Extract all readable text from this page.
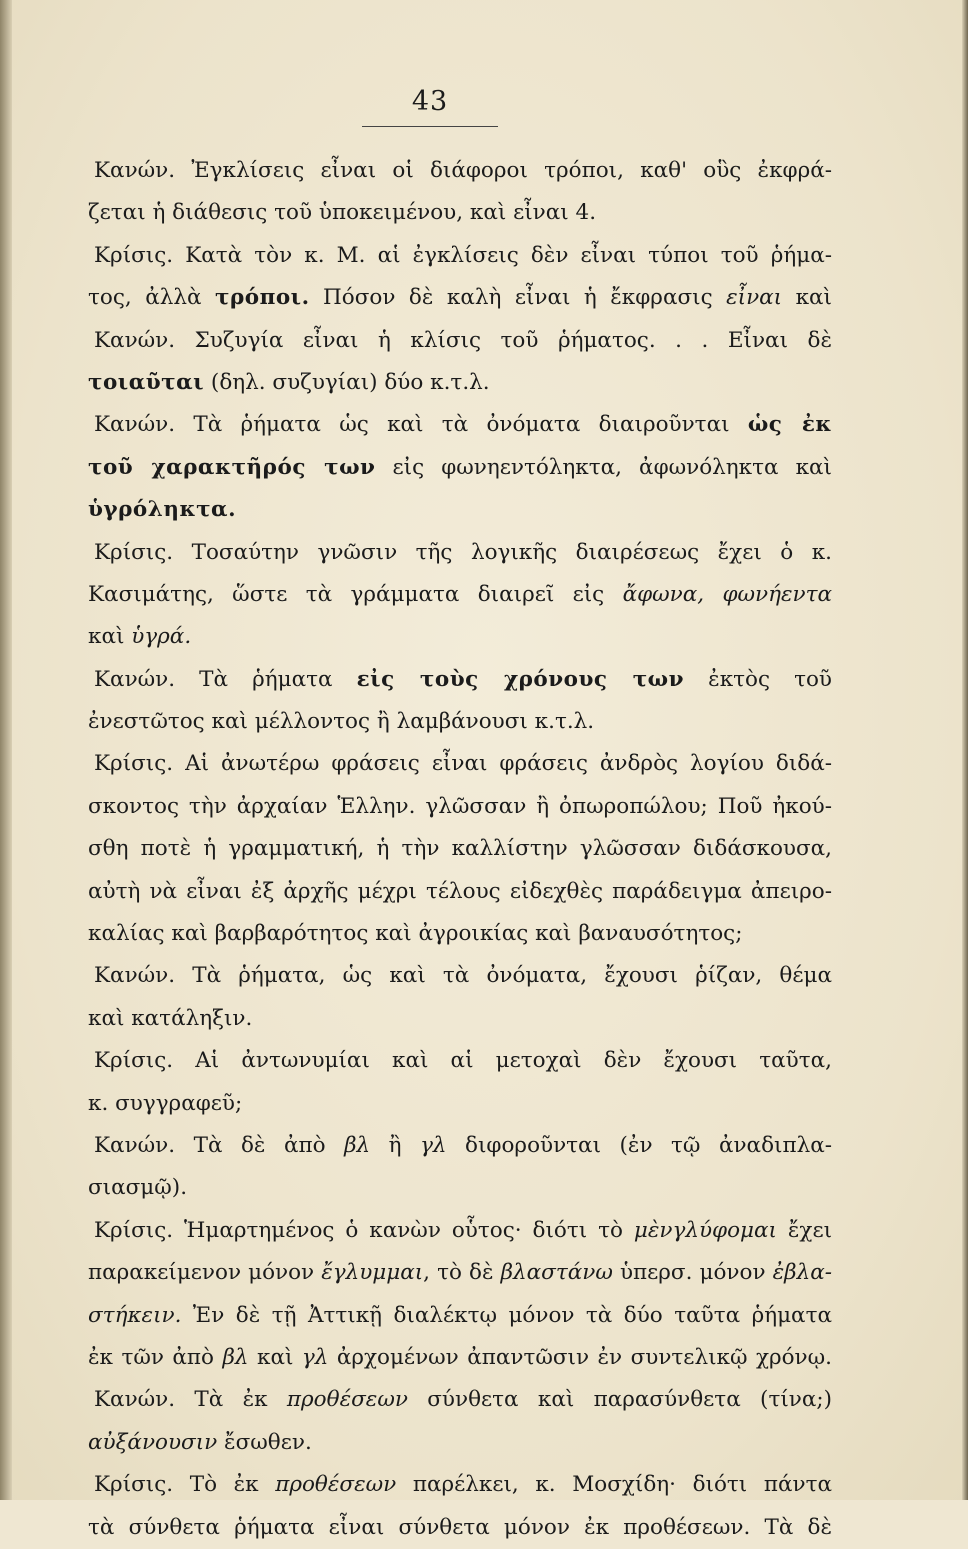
43
Κανών. Ἐγκλίσεις εἶναι οἱ διάφοροι τρόποι, καθ' οὓς ἐκφρά-
ζεται ἡ διάθεσις τοῦ ὑποκειμένου, καὶ εἶναι 4.
Κρίσις. Κατὰ τὸν κ. Μ. αἱ ἐγκλίσεις δὲν εἶναι τύποι τοῦ ῥήμα-
τος, ἀλλὰ τρόποι. Πόσον δὲ καλὴ εἶναι ἡ ἔκφρασις εἶναι καὶ
Κανών. Συζυγία εἶναι ἡ κλίσις τοῦ ῥήματος. . . Εἶναι δὲ
τοιαῦται (δηλ. συζυγίαι) δύο κ.τ.λ.
Κανών. Τὰ ῥήματα ὡς καὶ τὰ ὀνόματα διαιροῦνται ὡς ἐκ
τοῦ χαρακτῆρός των εἰς φωνηεντόληκτα, ἀφωνόληκτα καὶ
ὑγρόληκτα.
Κρίσις. Τοσαύτην γνῶσιν τῆς λογικῆς διαιρέσεως ἔχει ὁ κ.
Κασιμάτης, ὥστε τὰ γράμματα διαιρεῖ εἰς ἄφωνα, φωνήεντα
καὶ ὑγρά.
Κανών. Τὰ ῥήματα εἰς τοὺς χρόνους των ἐκτὸς τοῦ
ἐνεστῶτος καὶ μέλλοντος ἢ λαμβάνουσι κ.τ.λ.
Κρίσις. Αἱ ἀνωτέρω φράσεις εἶναι φράσεις ἀνδρὸς λογίου διδά-
σκοντος τὴν ἀρχαίαν Ἑλλην. γλῶσσαν ἢ ὀπωροπώλου; Ποῦ ἠκού-
σθη ποτὲ ἡ γραμματική, ἡ τὴν καλλίστην γλῶσσαν διδάσκουσα,
αὐτὴ νὰ εἶναι ἐξ ἀρχῆς μέχρι τέλους εἰδεχθὲς παράδειγμα ἀπειρο-
καλίας καὶ βαρβαρότητος καὶ ἀγροικίας καὶ βαναυσότητος;
Κανών. Τὰ ῥήματα, ὡς καὶ τὰ ὀνόματα, ἔχουσι ῥίζαν, θέμα
καὶ κατάληξιν.
Κρίσις. Αἱ ἀντωνυμίαι καὶ αἱ μετοχαὶ δὲν ἔχουσι ταῦτα,
κ. συγγραφεῦ;
Κανών. Τὰ δὲ ἀπὸ βλ ἢ γλ διφοροῦνται (ἐν τῷ ἀναδιπλα-
σιασμῷ).
Κρίσις. Ἡμαρτημένος ὁ κανὼν οὗτος· διότι τὸ μὲνγλύφομαι ἔχει
παρακείμενον μόνον ἔγλυμμαι, τὸ δὲ βλαστάνω ὑπερσ. μόνον ἐβλα-
στήκειν. Ἐν δὲ τῇ Ἀττικῇ διαλέκτῳ μόνον τὰ δύο ταῦτα ῥήματα
ἐκ τῶν ἀπὸ βλ καὶ γλ ἀρχομένων ἀπαντῶσιν ἐν συντελικῷ χρόνῳ.
Κανών. Τὰ ἐκ προθέσεων σύνθετα καὶ παρασύνθετα (τίνα;)
αὐξάνουσιν ἔσωθεν.
Κρίσις. Τὸ ἐκ προθέσεων παρέλκει, κ. Μοσχίδη· διότι πάντα
τὰ σύνθετα ῥήματα εἶναι σύνθετα μόνον ἐκ προθέσεων. Τὰ δὲ
